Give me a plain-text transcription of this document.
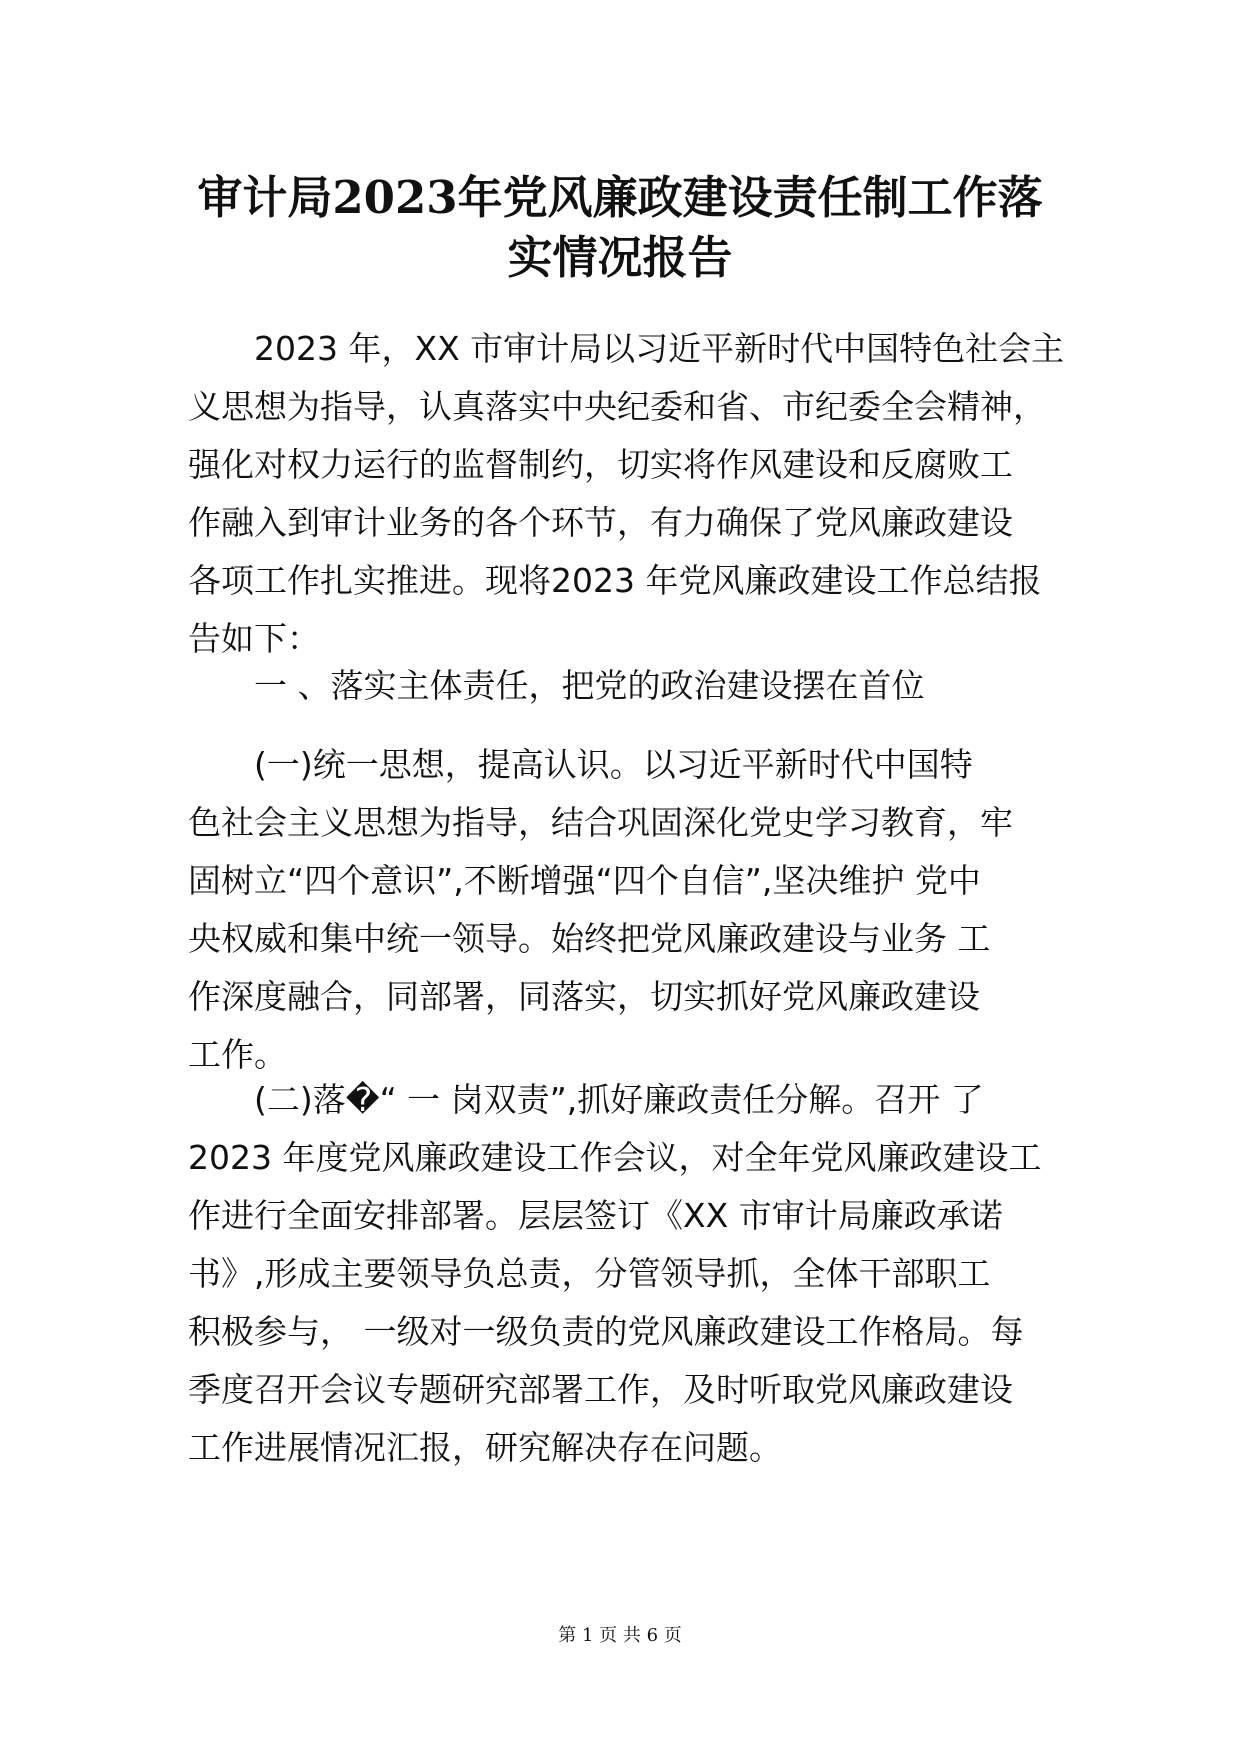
审计局2023年党风廉政建设责任制工作落
实情况报告
2023 年，XX 市审计局以习近平新时代中国特色社会主
义思想为指导，认真落实中央纪委和省、市纪委全会精神，
强化对权力运行的监督制约，切实将作风建设和反腐败工
作融入到审计业务的各个环节，有力确保了党风廉政建设
各项工作扎实推进。现将2023 年党风廉政建设工作总结报
告如下：
一 、落实主体责任，把党的政治建设摆在首位
(一)统一思想，提高认识。以习近平新时代中国特
色社会主义思想为指导，结合巩固深化党史学习教育，牢
固树立“四个意识”,不断增强“四个自信”,坚决维护 党中
央权威和集中统一领导。始终把党风廉政建设与业务 工
作深度融合，同部署，同落实，切实抓好党风廉政建设
工作。
(二)落�“ 一 岗双责”,抓好廉政责任分解。召开 了
2023 年度党风廉政建设工作会议，对全年党风廉政建设工
作进行全面安排部署。层层签订《XX 市审计局廉政承诺
书》,形成主要领导负总责，分管领导抓，全体干部职工
积极参与， 一级对一级负责的党风廉政建设工作格局。每
季度召开会议专题研究部署工作，及时听取党风廉政建设
工作进展情况汇报，研究解决存在问题。
第 1 页 共 6 页
